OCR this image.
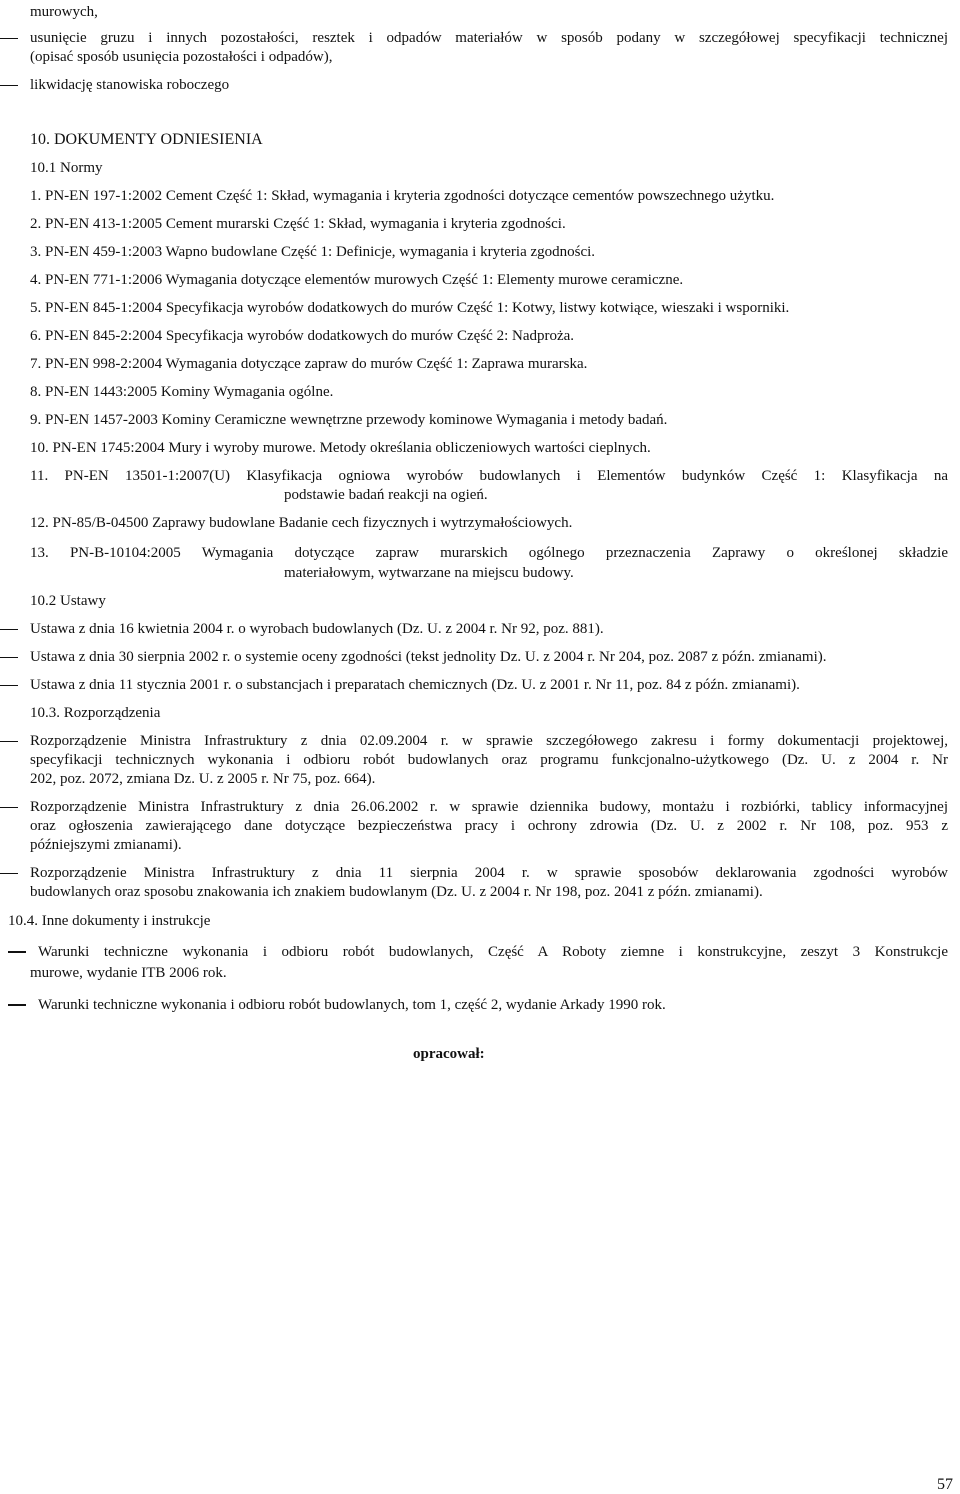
murowych,
usunięcie gruzu i innych pozostałości, resztek i odpadów materiałów w sposób podany w szczegółowej specyfikacji technicznej
(opisać sposób usunięcia pozostałości i odpadów),
likwidację stanowiska roboczego
10. DOKUMENTY ODNIESIENIA
10.1 Normy
1. PN-EN 197-1:2002 Cement Część 1: Skład, wymagania i kryteria zgodności dotyczące cementów powszechnego użytku.
2. PN-EN 413-1:2005 Cement murarski Część 1: Skład, wymagania i kryteria zgodności.
3. PN-EN 459-1:2003 Wapno budowlane Część 1: Definicje, wymagania i kryteria zgodności.
4. PN-EN 771-1:2006 Wymagania dotyczące elementów murowych Część 1: Elementy murowe ceramiczne.
5. PN-EN 845-1:2004 Specyfikacja wyrobów dodatkowych do murów Część 1: Kotwy, listwy kotwiące, wieszaki i wsporniki.
6. PN-EN 845-2:2004 Specyfikacja wyrobów dodatkowych do murów Część 2: Nadproża.
7. PN-EN 998-2:2004 Wymagania dotyczące zapraw do murów Część 1: Zaprawa murarska.
8. PN-EN 1443:2005 Kominy Wymagania ogólne.
9. PN-EN 1457-2003 Kominy Ceramiczne wewnętrzne przewody kominowe Wymagania i metody badań.
10. PN-EN 1745:2004 Mury i wyroby murowe. Metody określania obliczeniowych wartości cieplnych.
11. PN-EN 13501-1:2007(U) Klasyfikacja ogniowa wyrobów budowlanych i Elementów budynków Część 1: Klasyfikacja na
podstawie badań reakcji na ogień.
12. PN-85/B-04500 Zaprawy budowlane Badanie cech fizycznych i wytrzymałościowych.
13. PN-B-10104:2005 Wymagania dotyczące zapraw murarskich ogólnego przeznaczenia Zaprawy o określonej składzie
materiałowym, wytwarzane na miejscu budowy.
10.2 Ustawy
Ustawa z dnia 16 kwietnia 2004 r. o wyrobach budowlanych (Dz. U. z 2004 r. Nr 92, poz. 881).
Ustawa z dnia 30 sierpnia 2002 r. o systemie oceny zgodności (tekst jednolity Dz. U. z 2004 r. Nr 204, poz. 2087 z późn. zmianami).
Ustawa z dnia 11 stycznia 2001 r. o substancjach i preparatach chemicznych (Dz. U. z 2001 r. Nr 11, poz. 84 z późn. zmianami).
10.3. Rozporządzenia
Rozporządzenie Ministra Infrastruktury z dnia 02.09.2004 r. w sprawie szczegółowego zakresu i formy dokumentacji projektowej,
specyfikacji technicznych wykonania i odbioru robót budowlanych oraz programu funkcjonalno-użytkowego (Dz. U. z 2004 r. Nr
202, poz. 2072, zmiana Dz. U. z 2005 r. Nr 75, poz. 664).
Rozporządzenie Ministra Infrastruktury z dnia 26.06.2002 r. w sprawie dziennika budowy, montażu i rozbiórki, tablicy informacyjnej
oraz ogłoszenia zawierającego dane dotyczące bezpieczeństwa pracy i ochrony zdrowia (Dz. U. z 2002 r. Nr 108, poz. 953 z
późniejszymi zmianami).
Rozporządzenie Ministra Infrastruktury z dnia 11 sierpnia 2004 r. w sprawie sposobów deklarowania zgodności wyrobów
budowlanych oraz sposobu znakowania ich znakiem budowlanym (Dz. U. z 2004 r. Nr 198, poz. 2041 z późn. zmianami).
10.4. Inne dokumenty i instrukcje
Warunki techniczne wykonania i odbioru robót budowlanych, Część A Roboty ziemne i konstrukcyjne, zeszyt 3 Konstrukcje
murowe, wydanie ITB 2006 rok.
Warunki techniczne wykonania i odbioru robót budowlanych, tom 1, część 2, wydanie Arkady 1990 rok.
opracował:
57
